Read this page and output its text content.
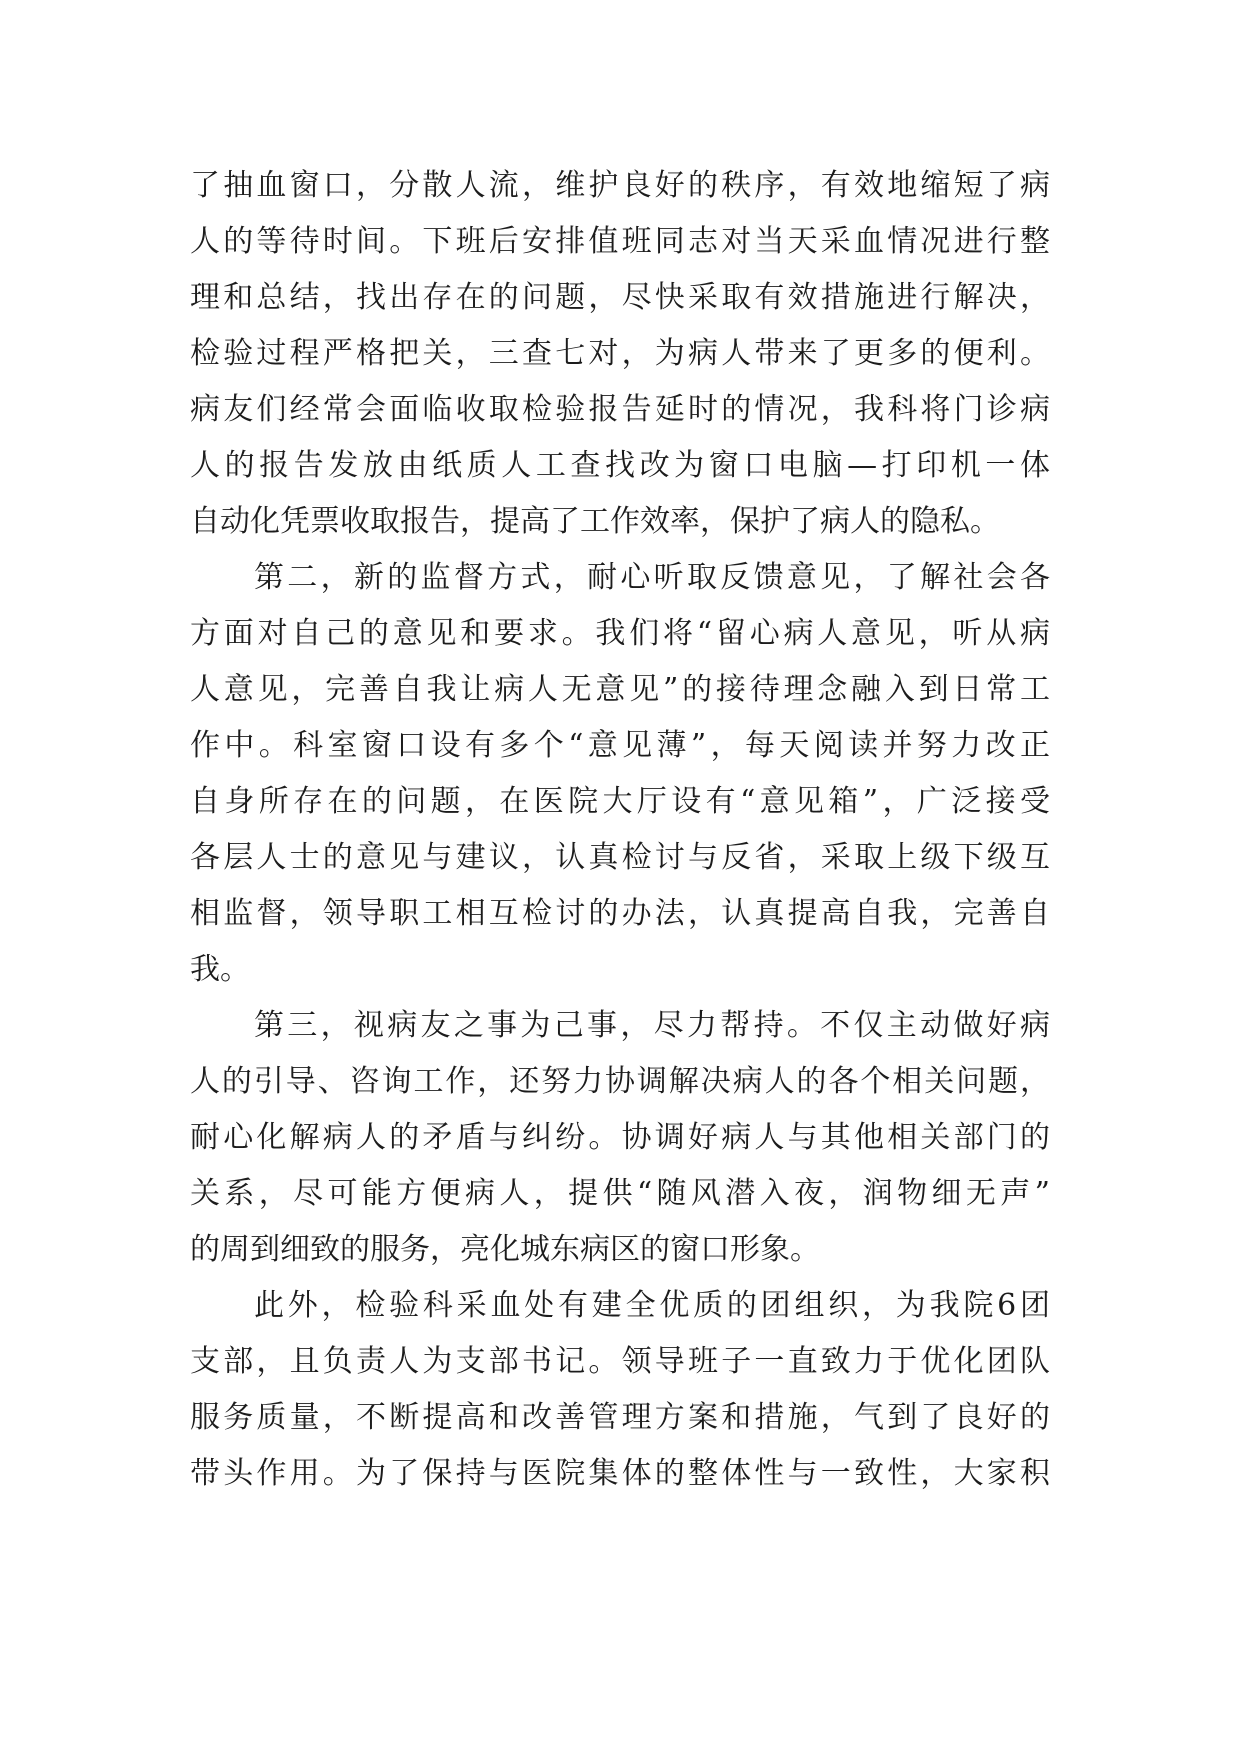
了抽血窗口，分散人流，维护良好的秩序，有效地缩短了病
人的等待时间。下班后安排值班同志对当天采血情况进行整
理和总结，找出存在的问题，尽快采取有效措施进行解决，
检验过程严格把关，三查七对，为病人带来了更多的便利。
病友们经常会面临收取检验报告延时的情况，我科将门诊病
人的报告发放由纸质人工查找改为窗口电脑—打印机一体
自动化凭票收取报告，提高了工作效率，保护了病人的隐私。
第二，新的监督方式，耐心听取反馈意见，了解社会各
方面对自己的意见和要求。我们将“留心病人意见，听从病
人意见，完善自我让病人无意见”的接待理念融入到日常工
作中。科室窗口设有多个“意见薄”，每天阅读并努力改正
自身所存在的问题，在医院大厅设有“意见箱”，广泛接受
各层人士的意见与建议，认真检讨与反省，采取上级下级互
相监督，领导职工相互检讨的办法，认真提高自我，完善自
我。
第三，视病友之事为己事，尽力帮持。不仅主动做好病
人的引导、咨询工作，还努力协调解决病人的各个相关问题，
耐心化解病人的矛盾与纠纷。协调好病人与其他相关部门的
关系，尽可能方便病人，提供“随风潜入夜，润物细无声”
的周到细致的服务，亮化城东病区的窗口形象。
此外，检验科采血处有建全优质的团组织，为我院6团
支部，且负责人为支部书记。领导班子一直致力于优化团队
服务质量，不断提高和改善管理方案和措施，气到了良好的
带头作用。为了保持与医院集体的整体性与一致性，大家积
